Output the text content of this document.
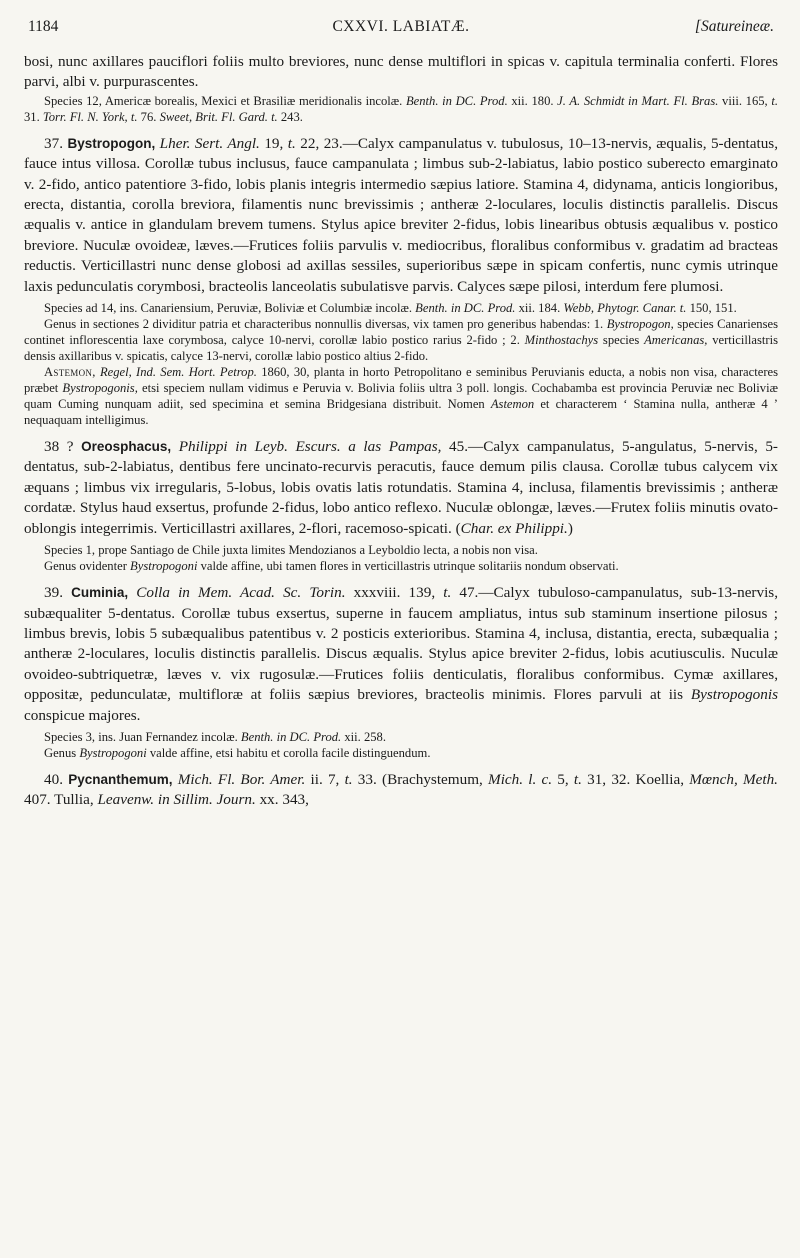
1184	CXXVI. LABIATÆ.	[Satureineæ.

bosi, nunc axillares pauciflori foliis multo breviores, nunc dense multiflori in spicas v. capitula terminalia conferti. Flores parvi, albi v. purpurascentes.

Species 12, Americæ borealis, Mexici et Brasiliæ meridionalis incolæ. Benth. in DC. Prod. xii. 180. J. A. Schmidt in Mart. Fl. Bras. viii. 165, t. 31. Torr. Fl. N. York, t. 76. Sweet, Brit. Fl. Gard. t. 243.

37. Bystropogon, Lher. Sert. Angl. 19, t. 22, 23.—Calyx campanulatus v. tubulosus, 10–13-nervis, æqualis, 5-dentatus, fauce intus villosa. Corollæ tubus inclusus, fauce campanulata ; limbus sub-2-labiatus, labio postico suberecto emarginato v. 2-fido, antico patentiore 3-fido, lobis planis integris intermedio sæpius latiore. Stamina 4, didynama, anticis longioribus, erecta, distantia, corolla breviora, filamentis nunc brevissimis ; antheræ 2-loculares, loculis distinctis parallelis. Discus æqualis v. antice in glandulam brevem tumens. Stylus apice breviter 2-fidus, lobis linearibus obtusis æqualibus v. postico breviore. Nuculæ ovoideæ, læves.—Frutices foliis parvulis v. mediocribus, floralibus conformibus v. gradatim ad bracteas reductis. Verticillastri nunc dense globosi ad axillas sessiles, superioribus sæpe in spicam confertis, nunc cymis utrinque laxis pedunculatis corymbosi, bracteolis lanceolatis subulatisve parvis. Calyces sæpe pilosi, interdum fere plumosi.

Species ad 14, ins. Canariensium, Peruviæ, Boliviæ et Columbiæ incolæ. Benth. in DC. Prod. xii. 184. Webb, Phytogr. Canar. t. 150, 151.

Genus in sectiones 2 dividitur patria et characteribus nonnullis diversas, vix tamen pro generibus habendas: 1. Bystropogon, species Canarienses continet inflorescentia laxe corymbosa, calyce 10-nervi, corollæ labio postico rarius 2-fido ; 2. Minthostachys species Americanas, verticillastris densis axillaribus v. spicatis, calyce 13-nervi, corollæ labio postico altius 2-fido.

Astemon, Regel, Ind. Sem. Hort. Petrop. 1860, 30, planta in horto Petropolitano e seminibus Peruvianis educta, a nobis non visa, characteres præbet Bystropogonis, etsi speciem nullam vidimus e Peruvia v. Bolivia foliis ultra 3 poll. longis. Cochabamba est provincia Peruviæ nec Boliviæ quam Cuming nunquam adiit, sed specimina et semina Bridgesiana distribuit. Nomen Astemon et characterem ‘ Stamina nulla, antheræ 4 ’ nequaquam intelligimus.

38 ? Oreosphacus, Philippi in Leyb. Escurs. a las Pampas, 45.—Calyx campanulatus, 5-angulatus, 5-nervis, 5-dentatus, sub-2-labiatus, dentibus fere uncinato-recurvis peracutis, fauce demum pilis clausa. Corollæ tubus calycem vix æquans ; limbus vix irregularis, 5-lobus, lobis ovatis latis rotundatis. Stamina 4, inclusa, filamentis brevissimis ; antheræ cordatæ. Stylus haud exsertus, profunde 2-fidus, lobo antico reflexo. Nuculæ oblongæ, læves.—Frutex foliis minutis ovato-oblongis integerrimis. Verticillastri axillares, 2-flori, racemoso-spicati. (Char. ex Philippi.)

Species 1, prope Santiago de Chile juxta limites Mendozianos a Leyboldio lecta, a nobis non visa.

Genus ovidenter Bystropogoni valde affine, ubi tamen flores in verticillastris utrinque solitariis nondum observati.

39. Cuminia, Colla in Mem. Acad. Sc. Torin. xxxviii. 139, t. 47.—Calyx tubuloso-campanulatus, sub-13-nervis, subæqualiter 5-dentatus. Corollæ tubus exsertus, superne in faucem ampliatus, intus sub staminum insertione pilosus ; limbus brevis, lobis 5 subæqualibus patentibus v. 2 posticis exterioribus. Stamina 4, inclusa, distantia, erecta, subæqualia ; antheræ 2-loculares, loculis distinctis parallelis. Discus æqualis. Stylus apice breviter 2-fidus, lobis acutiusculis. Nuculæ ovoideo-subtriquetræ, læves v. vix rugosulæ.—Frutices foliis denticulatis, floralibus conformibus. Cymæ axillares, oppositæ, pedunculatæ, multifloræ at foliis sæpius breviores, bracteolis minimis. Flores parvuli at iis Bystropogonis conspicue majores.

Species 3, ins. Juan Fernandez incolæ. Benth. in DC. Prod. xii. 258.

Genus Bystropogoni valde affine, etsi habitu et corolla facile distinguendum.

40. Pycnanthemum, Mich. Fl. Bor. Amer. ii. 7, t. 33. (Brachystemum, Mich. l. c. 5, t. 31, 32. Koellia, Mœnch, Meth. 407. Tullia, Leavenw. in Sillim. Journ. xx. 343,
